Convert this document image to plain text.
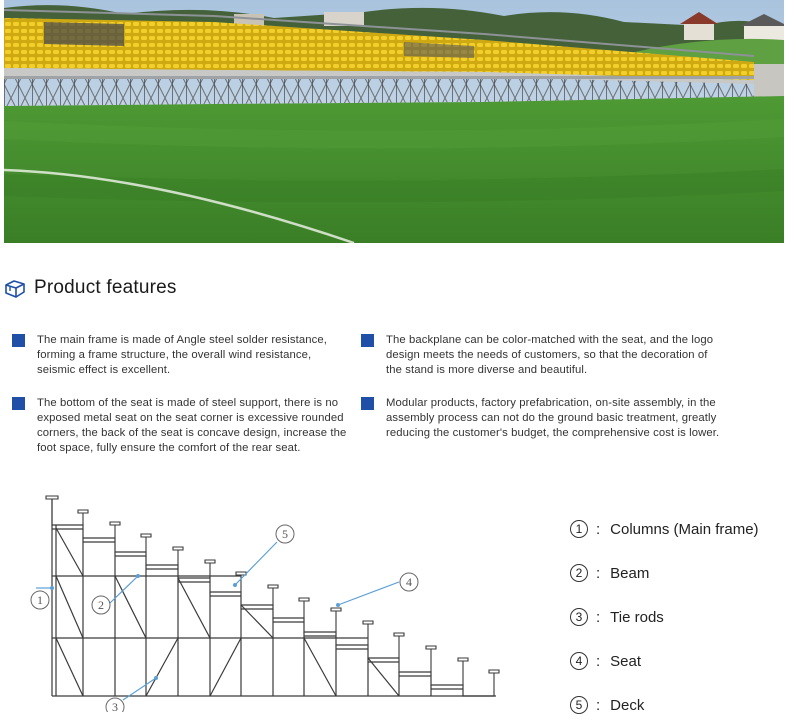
Product features
The main frame is made of Angle steel solder resistance, forming a frame structure, the overall wind resistance, seismic effect is excellent.
The backplane can be color-matched with the seat, and the logo design meets the needs of customers, so that the decoration of the stand is more diverse and beautiful.
The bottom of the seat is made of steel support, there is no exposed metal seat on the seat corner is excessive rounded corners, the back of the seat is concave design, increase the foot space, fully ensure the comfort of the rear seat.
Modular products, factory prefabrication, on-site assembly, in the assembly process can not do the ground basic treatment, greatly reducing the customer's budget, the comprehensive cost is lower.
1	2
3
4
5	1 : Columns (Main frame)
2 : Beam
3 : Tie rods
4 : Seat
5 : Deck
